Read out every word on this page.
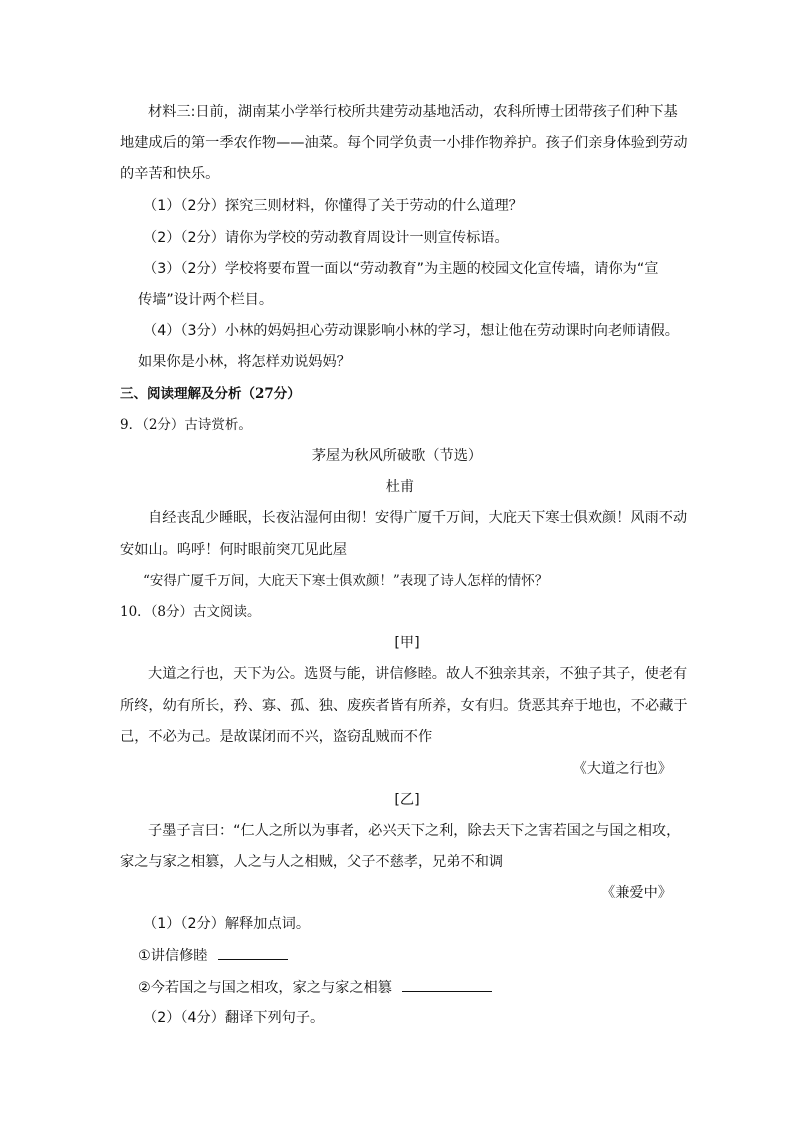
材料三:日前，湖南某小学举行校所共建劳动基地活动，农科所博士团带孩子们种下基
地建成后的第一季农作物——油菜。每个同学负责一小排作物养护。孩子们亲身体验到劳动
的辛苦和快乐。
（1）（2分）探究三则材料，你懂得了关于劳动的什么道理？
（2）（2分）请你为学校的劳动教育周设计一则宣传标语。
（3）（2分）学校将要布置一面以“劳动教育”为主题的校园文化宣传墙，请你为“宣
传墙”设计两个栏目。
（4）（3分）小林的妈妈担心劳动课影响小林的学习，想让他在劳动课时向老师请假。
如果你是小林，将怎样劝说妈妈？
三、阅读理解及分析（27分）
9．（2分）古诗赏析。
茅屋为秋风所破歌（节选）
杜甫
自经丧乱少睡眠，长夜沾湿何由彻！安得广厦千万间，大庇天下寒士俱欢颜！风雨不动
安如山。呜呼！何时眼前突兀见此屋
“安得广厦千万间，大庇天下寒士俱欢颜！”表现了诗人怎样的情怀？
10．（8分）古文阅读。
[甲]
大道之行也，天下为公。选贤与能，讲信修睦。故人不独亲其亲，不独子其子，使老有
所终，幼有所长，矜、寡、孤、独、废疾者皆有所养，女有归。货恶其弃于地也，不必藏于
己，不必为己。是故谋闭而不兴，盗窃乱贼而不作
《大道之行也》
[乙]
子墨子言曰：“仁人之所以为事者，必兴天下之利，除去天下之害若国之与国之相攻，
家之与家之相篡，人之与人之相贼，父子不慈孝，兄弟不和调
《兼爱中》
（1）（2分）解释加点词。
①讲信修睦
②今若国之与国之相攻，家之与家之相篡
（2）（4分）翻译下列句子。
